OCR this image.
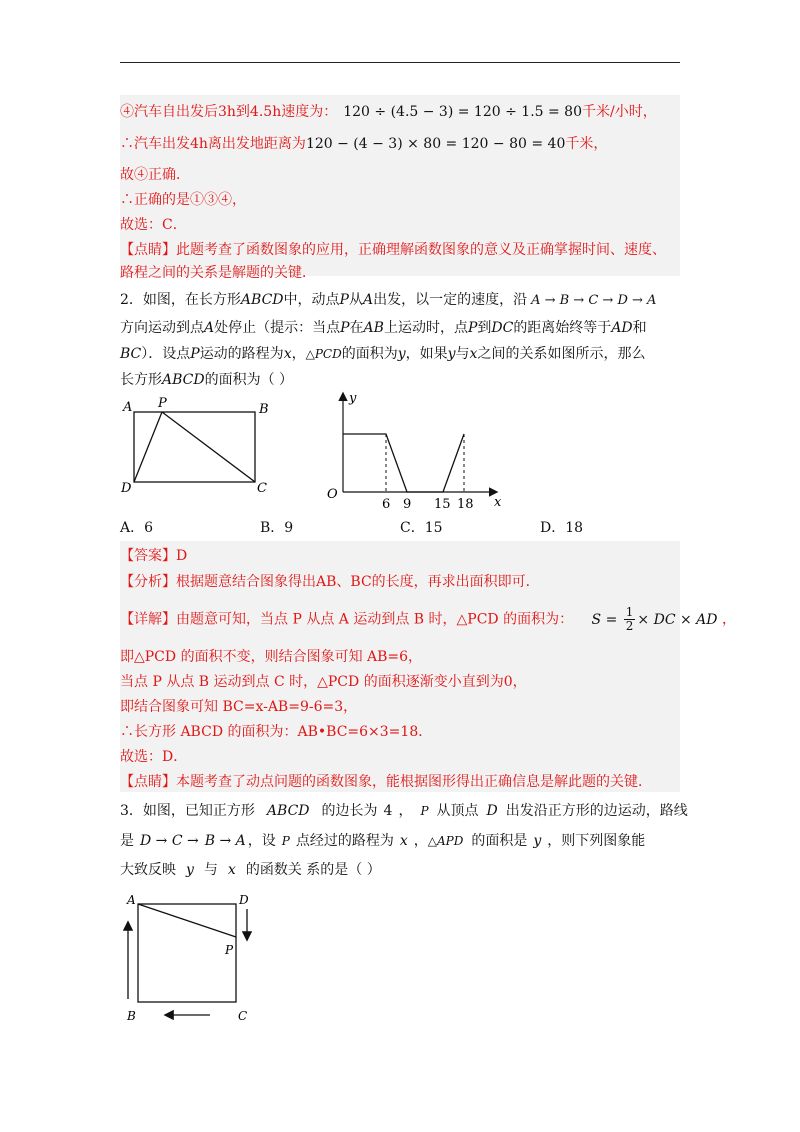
④汽车自出发后3h到4.5h速度为： 120 ÷ (4.5 − 3) = 120 ÷ 1.5 = 80千米/小时，
∴汽车出发4h离出发地距离为120 − (4 − 3) × 80 = 120 − 80 = 40千米，
故④正确．
∴正确的是①③④，
故选：C．
【点睛】此题考查了函数图象的应用，正确理解函数图象的意义及正确掌握时间、速度、
路程之间的关系是解题的关键．
2．如图，在长方形ABCD中，动点P从A出发，以一定的速度，沿 A → B → C → D → A
方向运动到点A处停止（提示：当点P在AB上运动时，点P到DC的距离始终等于AD和
BC）．设点P运动的路程为x，△PCD的面积为y，如果y与x之间的关系如图所示，那么
长方形ABCD的面积为（ ）
A P	B
D	C
y
x
O
6 9 15 18
A．6	B．9	C．15	D．18
【答案】D
【分析】根据题意结合图象得出AB、BC的长度，再求出面积即可．
【详解】由题意可知，当点 P 从点 A 运动到点 B 时，△PCD 的面积为： $S = \frac{1}{2}$ × DC × AD ，
即△PCD 的面积不变，则结合图象可知 AB=6，
当点 P 从点 B 运动到点 C 时，△PCD 的面积逐渐变小直到为0，
即结合图象可知 BC=x-AB=9-6=3，
∴长方形 ABCD 的面积为：AB•BC=6×3=18．
故选：D．
【点睛】本题考查了动点问题的函数图象，能根据图形得出正确信息是解此题的关键．
3．如图，已知正方形 ABCD 的边长为 4 ， P 从顶点 D 出发沿正方形的边运动，路线
是 D → C → B → A ，设 P 点经过的路程为 x ，△APD 的面积是 y ，则下列图象能
大致反映 y 与 x 的函数关 系的是（ ）
A	D
P
B	C
